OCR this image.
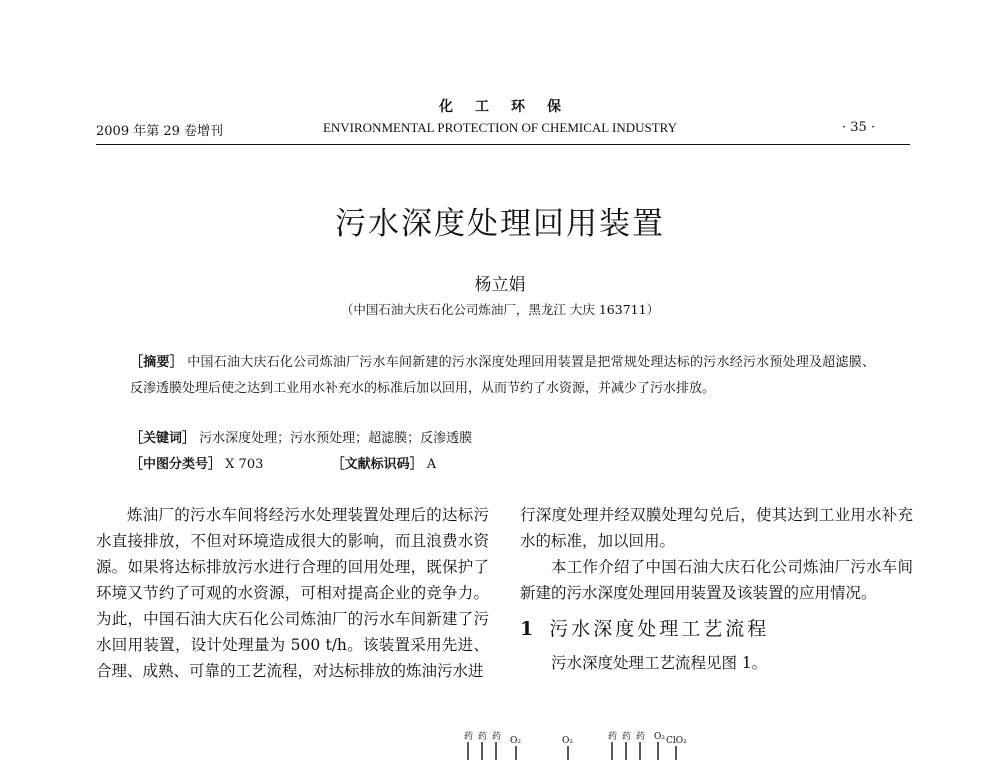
化工环保
2009 年第 29 卷增刊	ENVIRONMENTAL PROTECTION OF CHEMICAL INDUSTRY	· 35 ·
污水深度处理回用装置
杨立娟
（中国石油大庆石化公司炼油厂，黑龙江 大庆 163711）
［摘要］ 中国石油大庆石化公司炼油厂污水车间新建的污水深度处理回用装置是把常规处理达标的污水经污水预处理及超滤膜、反渗透膜处理后使之达到工业用水补充水的标准后加以回用，从而节约了水资源，并减少了污水排放。
［关键词］ 污水深度处理；污水预处理；超滤膜；反渗透膜
［中图分类号］ X 703	［文献标识码］ A

炼油厂的污水车间将经污水处理装置处理后的达标污水直接排放，不但对环境造成很大的影响，而且浪费水资源。如果将达标排放污水进行合理的回用处理，既保护了环境又节约了可观的水资源，可相对提高企业的竞争力。为此，中国石油大庆石化公司炼油厂的污水车间新建了污水回用装置，设计处理量为 500 t/h。该装置采用先进、合理、成熟、可靠的工艺流程，对达标排放的炼油污水进

行深度处理并经双膜处理勾兑后，使其达到工业用水补充水的标准，加以回用。

本工作介绍了中国石油大庆石化公司炼油厂污水车间新建的污水深度处理回用装置及该装置的应用情况。

1 污水深度处理工艺流程

污水深度处理工艺流程见图 1。

药 药 药 O₂	O₂	药 药 药 O₂ ClO₂
